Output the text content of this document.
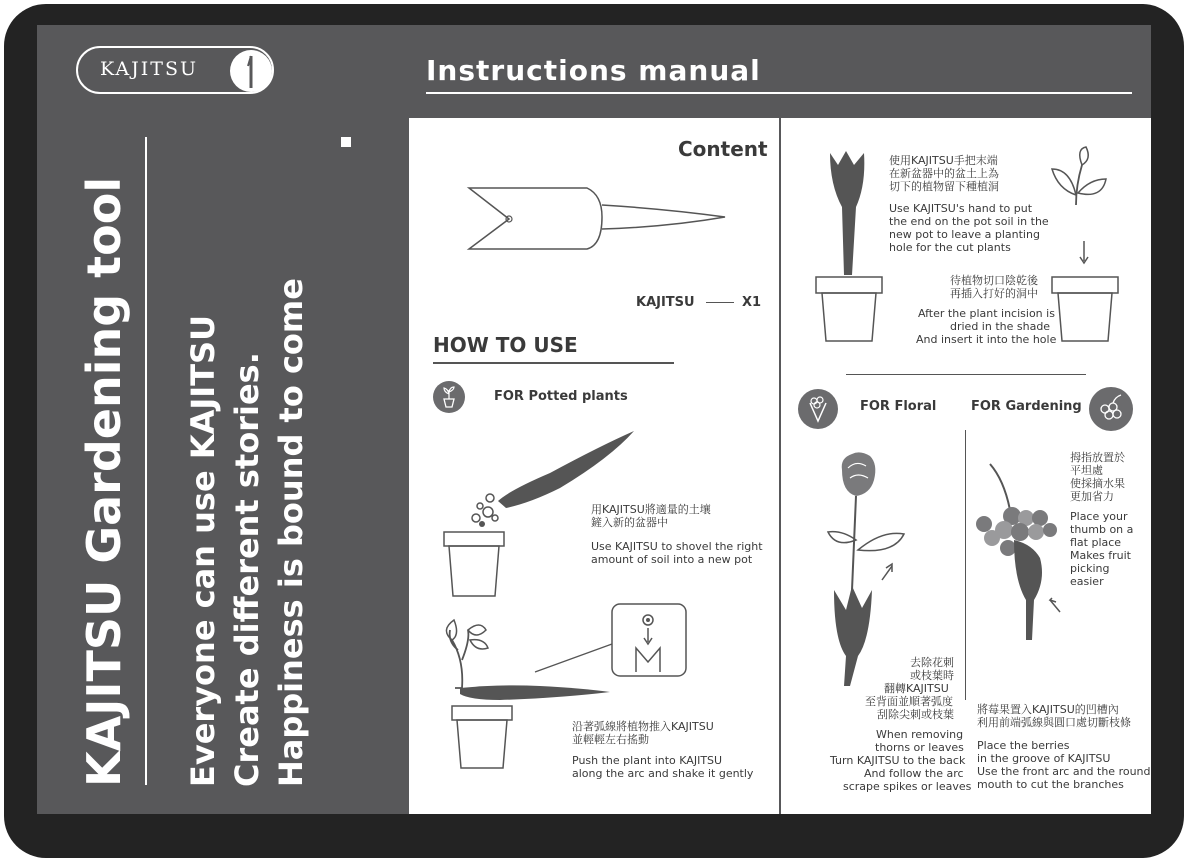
KAJITSU	Instructions manual
KAJITSU Gardening tool Everyone can use KAJITSU Create different stories. Happiness is bound to come
Content
KAJITSU	X1
HOW TO USE
FOR Potted plants
用KAJITSU將適量的土壤
鏟入新的盆器中
Use KAJITSU to shovel the right
amount of soil into a new pot
沿著弧線將植物推入KAJITSU
並輕輕左右搖動
Push the plant into KAJITSU
along the arc and shake it gently
使用KAJITSU手把末端
在新盆器中的盆土上為
切下的植物留下種植洞
Use KAJITSU's hand to put
the end on the pot soil in the
new pot to leave a planting
hole for the cut plants
待植物切口陰乾後
再插入打好的洞中
After the plant incision is
dried in the shade
And insert it into the hole
FOR Floral	FOR Gardening
去除花刺
或枝葉時
翻轉KAJITSU
至背面並順著弧度
刮除尖刺或枝葉
When removing
thorns or leaves
Turn KAJITSU to the back
And follow the arc
scrape spikes or leaves
拇指放置於
平坦處
使採摘水果
更加省力
Place your
thumb on a
flat place
Makes fruit
picking
easier
將莓果置入KAJITSU的凹槽內
利用前端弧線與圓口處切斷枝條
Place the berries
in the groove of KAJITSU
Use the front arc and the round
mouth to cut the branches
